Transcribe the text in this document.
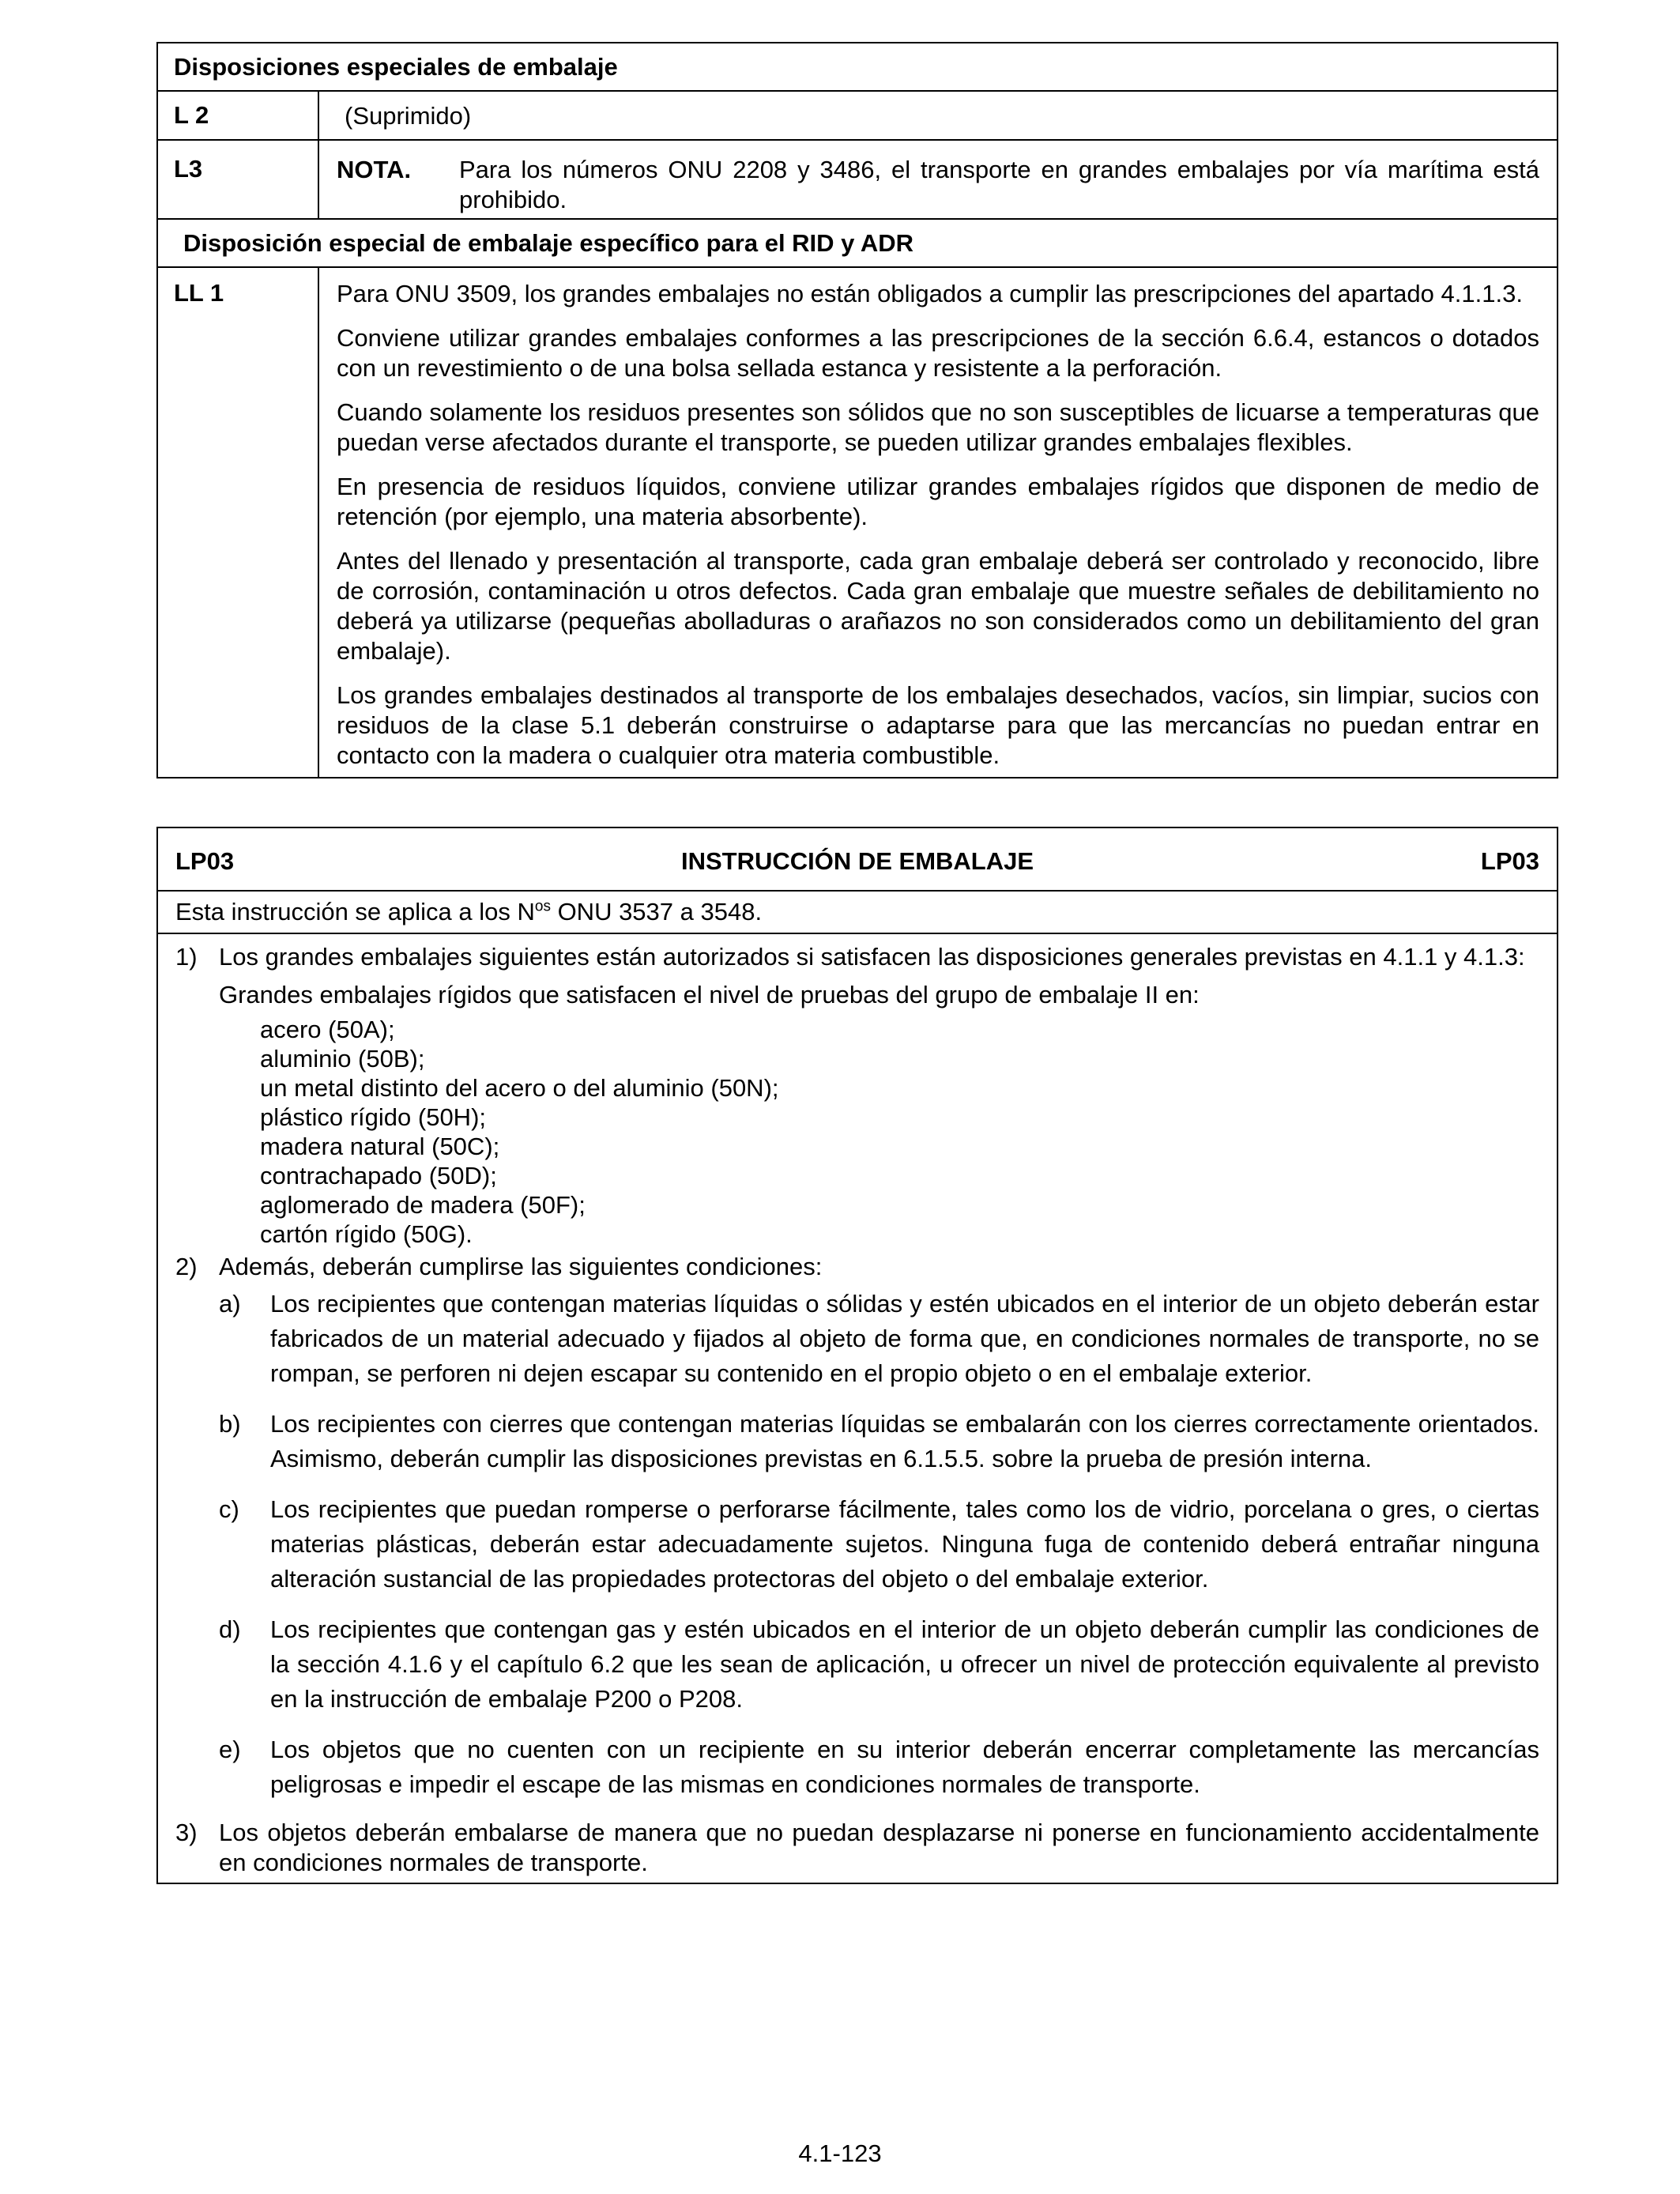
Disposiciones especiales de embalaje
L 2	(Suprimido)
L3	NOTA.	Para los números ONU 2208 y 3486, el transporte en grandes embalajes por vía marítima está prohibido.
Disposición especial de embalaje específico para el RID y ADR
LL 1	Para ONU 3509, los grandes embalajes no están obligados a cumplir las prescripciones del apartado 4.1.1.3.

Conviene utilizar grandes embalajes conformes a las prescripciones de la sección 6.6.4, estancos o dotados con un revestimiento o de una bolsa sellada estanca y resistente a la perforación.

Cuando solamente los residuos presentes son sólidos que no son susceptibles de licuarse a temperaturas que puedan verse afectados durante el transporte, se pueden utilizar grandes embalajes flexibles.

En presencia de residuos líquidos, conviene utilizar grandes embalajes rígidos que disponen de medio de retención (por ejemplo, una materia absorbente).

Antes del llenado y presentación al transporte, cada gran embalaje deberá ser controlado y reconocido, libre de corrosión, contaminación u otros defectos. Cada gran embalaje que muestre señales de debilitamiento no deberá ya utilizarse (pequeñas abolladuras o arañazos no son considerados como un debilitamiento del gran embalaje).

Los grandes embalajes destinados al transporte de los embalajes desechados, vacíos, sin limpiar, sucios con residuos de la clase 5.1 deberán construirse o adaptarse para que las mercancías no puedan entrar en contacto con la madera o cualquier otra materia combustible.

LP03	INSTRUCCIÓN DE EMBALAJE	LP03
Esta instrucción se aplica a los $N^{os}$ ONU 3537 a 3548.
1) Los grandes embalajes siguientes están autorizados si satisfacen las disposiciones generales previstas en 4.1.1 y 4.1.3:
Grandes embalajes rígidos que satisfacen el nivel de pruebas del grupo de embalaje II en:
acero (50A);
aluminio (50B);
un metal distinto del acero o del aluminio (50N);
plástico rígido (50H);
madera natural (50C);
contrachapado (50D);
aglomerado de madera (50F);
cartón rígido (50G).
2) Además, deberán cumplirse las siguientes condiciones:
a)	Los recipientes que contengan materias líquidas o sólidas y estén ubicados en el interior de un objeto deberán estar fabricados de un material adecuado y fijados al objeto de forma que, en condiciones normales de transporte, no se rompan, se perforen ni dejen escapar su contenido en el propio objeto o en el embalaje exterior.
b)	Los recipientes con cierres que contengan materias líquidas se embalarán con los cierres correctamente orientados. Asimismo, deberán cumplir las disposiciones previstas en 6.1.5.5. sobre la prueba de presión interna.
c)	Los recipientes que puedan romperse o perforarse fácilmente, tales como los de vidrio, porcelana o gres, o ciertas materias plásticas, deberán estar adecuadamente sujetos. Ninguna fuga de contenido deberá entrañar ninguna alteración sustancial de las propiedades protectoras del objeto o del embalaje exterior.
d)	Los recipientes que contengan gas y estén ubicados en el interior de un objeto deberán cumplir las condiciones de la sección 4.1.6 y el capítulo 6.2 que les sean de aplicación, u ofrecer un nivel de protección equivalente al previsto en la instrucción de embalaje P200 o P208.
e)	Los objetos que no cuenten con un recipiente en su interior deberán encerrar completamente las mercancías peligrosas e impedir el escape de las mismas en condiciones normales de transporte.
3) Los objetos deberán embalarse de manera que no puedan desplazarse ni ponerse en funcionamiento accidentalmente en condiciones normales de transporte.
4.1-123
